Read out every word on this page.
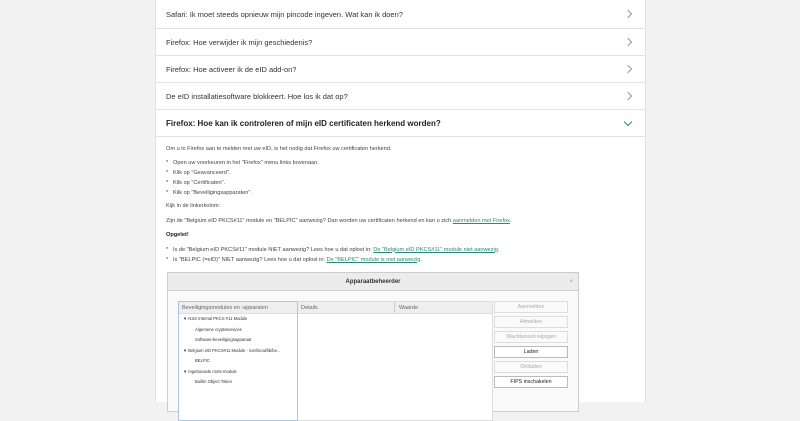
Safari: Ik moet steeds opnieuw mijn pincode ingeven. Wat kan ik doen?
Firefox: Hoe verwijder ik mijn geschiedenis?
Firefox: Hoe activeer ik de eID add-on?
De eID installatiesoftware blokkeert. Hoe los ik dat op?
Firefox: Hoe kan ik controleren of mijn eID certificaten herkend worden?

Om u in Firefox aan te melden met uw eID, is het nodig dat Firefox uw certificaten herkend.

* Open uw voorkeuren in het "Firefox" menu links bovenaan.
* Klik op "Geavanceerd".
* Klik op "Certificaten".
* Klik op "Beveiligingsapparaten".

Kijk in de linkerkolom:

Zijn de "Belgium eID PKCS#11" module en "BELPIC" aanwezig? Dan worden uw certificaten herkend en kan u zich aanmelden met Firefox.

Opgelet!

* Is de "Belgium eID PKCS#11" module NIET aanwezig? Lees hoe u dat oplost in: De "Belgium eID PKCS#11" module niet aanwezig.
* Is "BELPIC (=eID)" NIET aanwezig? Lees hoe u dat oplost in: De "BELPIC" module is niet aanwezig.
Apparaatbeheerder	×
Beveiligingsmodules en -apparaten
▼ NSS Internal PKCS #11 Module
Algemene cryptoservices
Software-beveiligingsapparaat
▼ Belgium eID PKCS#11 Module - /usr/local/lib/be...
BELPIC
▼ Ingebouwde roots-module
Builtin Object Token
Details	Waarde	Aanmelden
Afmelden
Wachtwoord wijzigen
Laden
Ontladen
FIPS inschakelen
